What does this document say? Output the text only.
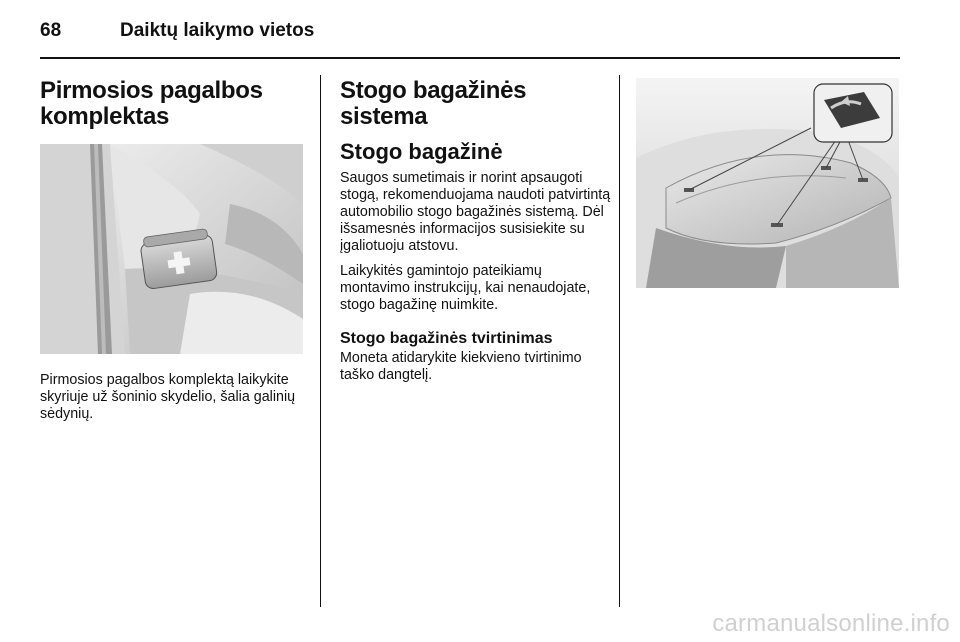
68	Daiktų laikymo vietos
Pirmosios pagalbos komplektas

Pirmosios pagalbos komplektą laikykite skyriuje už šoninio skydelio, šalia galinių sėdynių.

Stogo bagažinės sistema
Stogo bagažinė

Saugos sumetimais ir norint apsaugoti stogą, rekomenduojama naudoti patvirtintą automobilio stogo bagažinės sistemą. Dėl išsamesnės informacijos susisiekite su įgaliotuoju atstovu.

Laikykitės gamintojo pateikiamų montavimo instrukcijų, kai nenaudojate, stogo bagažinę nuimkite.

Stogo bagažinės tvirtinimas

Moneta atidarykite kiekvieno tvirtinimo taško dangtelį.

carmanualsonline.info
